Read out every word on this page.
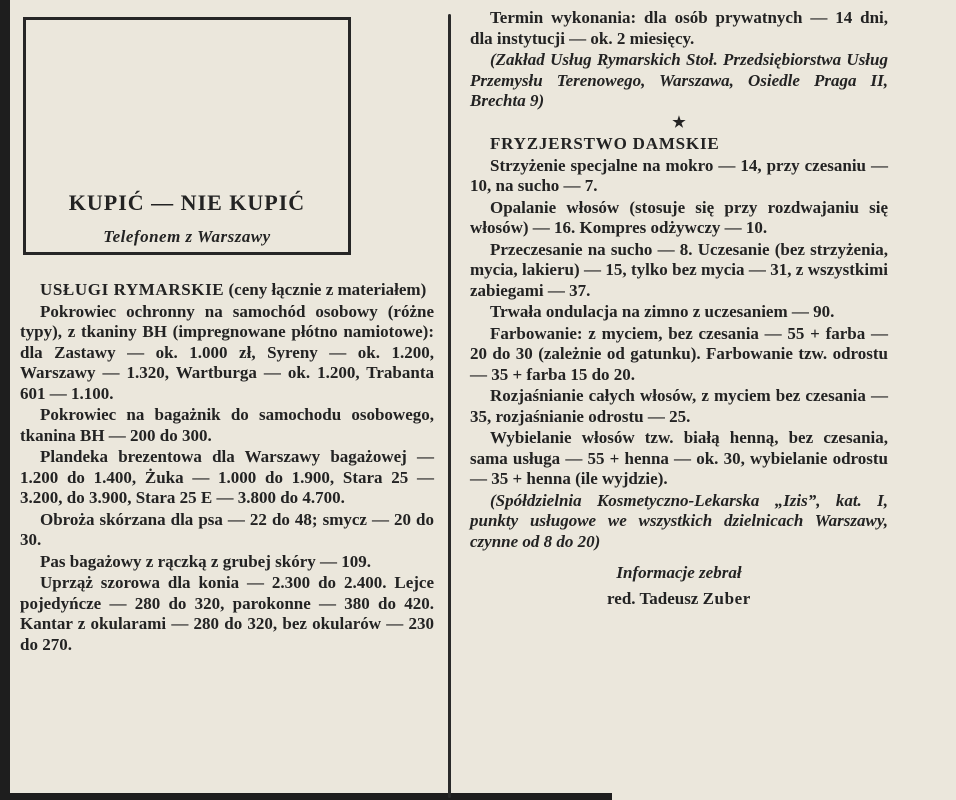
KUPIĆ — NIE KUPIĆ
Telefonem z Warszawy

USŁUGI RYMARSKIE (ceny łącznie z materiałem)

Pokrowiec ochronny na samochód osobowy (różne typy), z tkaniny BH (impregnowane płótno namiotowe): dla Zastawy — ok. 1.000 zł, Syreny — ok. 1.200, Warszawy — 1.320, Wartburga — ok. 1.200, Trabanta 601 — 1.100.

Pokrowiec na bagażnik do samochodu osobowego, tkanina BH — 200 do 300.

Plandeka brezentowa dla Warszawy bagażowej — 1.200 do 1.400, Żuka — 1.000 do 1.900, Stara 25 — 3.200, do 3.900, Stara 25 E — 3.800 do 4.700.

Obroża skórzana dla psa — 22 do 48; smycz — 20 do 30.

Pas bagażowy z rączką z grubej skóry — 109.

Uprząż szorowa dla konia — 2.300 do 2.400. Lejce pojedyńcze — 280 do 320, parokonne — 380 do 420. Kantar z okularami — 280 do 320, bez okularów — 230 do 270.

Termin wykonania: dla osób prywatnych — 14 dni, dla instytucji — ok. 2 miesięcy.

(Zakład Usług Rymarskich Stoł. Przedsiębiorstwa Usług Przemysłu Terenowego, Warszawa, Osiedle Praga II, Brechta 9)

★

FRYZJERSTWO DAMSKIE

Strzyżenie specjalne na mokro — 14, przy czesaniu — 10, na sucho — 7.

Opalanie włosów (stosuje się przy rozdwajaniu się włosów) — 16. Kompres odżywczy — 10.

Przeczesanie na sucho — 8. Uczesanie (bez strzyżenia, mycia, lakieru) — 15, tylko bez mycia — 31, z wszystkimi zabiegami — 37.

Trwała ondulacja na zimno z uczesaniem — 90.

Farbowanie: z myciem, bez czesania — 55 + farba — 20 do 30 (zależnie od gatunku). Farbowanie tzw. odrostu — 35 + farba 15 do 20.

Rozjaśnianie całych włosów, z myciem bez czesania — 35, rozjaśnianie odrostu — 25.

Wybielanie włosów tzw. białą henną, bez czesania, sama usługa — 55 + henna — ok. 30, wybielanie odrostu — 35 + henna (ile wyjdzie).

(Spółdzielnia Kosmetyczno-Lekarska „Izis”, kat. I, punkty usługowe we wszystkich dzielnicach Warszawy, czynne od 8 do 20)

Informacje zebrał
red. Tadeusz Zuber
